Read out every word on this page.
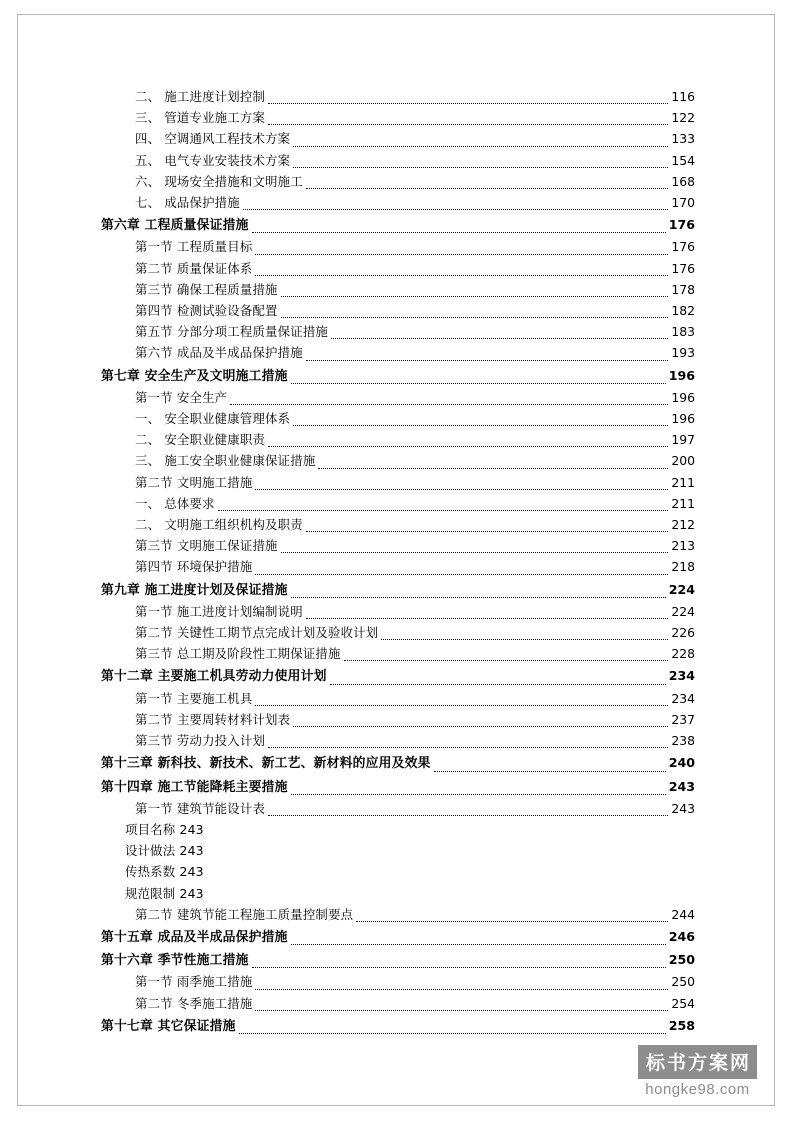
二、 施工进度计划控制	116
三、 管道专业施工方案	122
四、 空调通风工程技术方案	133
五、 电气专业安装技术方案	154
六、 现场安全措施和文明施工	168
七、 成品保护措施	170
第六章 工程质量保证措施	176
第一节 工程质量目标	176
第二节 质量保证体系	176
第三节 确保工程质量措施	178
第四节 检测试验设备配置	182
第五节 分部分项工程质量保证措施	183
第六节 成品及半成品保护措施	193
第七章 安全生产及文明施工措施	196
第一节 安全生产	196
一、 安全职业健康管理体系	196
二、 安全职业健康职责	197
三、 施工安全职业健康保证措施	200
第二节 文明施工措施	211
一、 总体要求	211
二、 文明施工组织机构及职责	212
第三节 文明施工保证措施	213
第四节 环境保护措施	218
第九章 施工进度计划及保证措施	224
第一节 施工进度计划编制说明	224
第二节 关键性工期节点完成计划及验收计划	226
第三节 总工期及阶段性工期保证措施	228
第十二章 主要施工机具劳动力使用计划	234
第一节 主要施工机具	234
第二节 主要周转材料计划表	237
第三节 劳动力投入计划	238
第十三章 新科技、新技术、新工艺、新材料的应用及效果	240
第十四章 施工节能降耗主要措施	243
第一节 建筑节能设计表	243
项目名称 243
设计做法 243
传热系数 243
规范限制 243
第二节 建筑节能工程施工质量控制要点	244
第十五章 成品及半成品保护措施	246
第十六章 季节性施工措施	250
第一节 雨季施工措施	250
第二节 冬季施工措施	254
第十七章 其它保证措施	258
标书方案网
hongke98.com
